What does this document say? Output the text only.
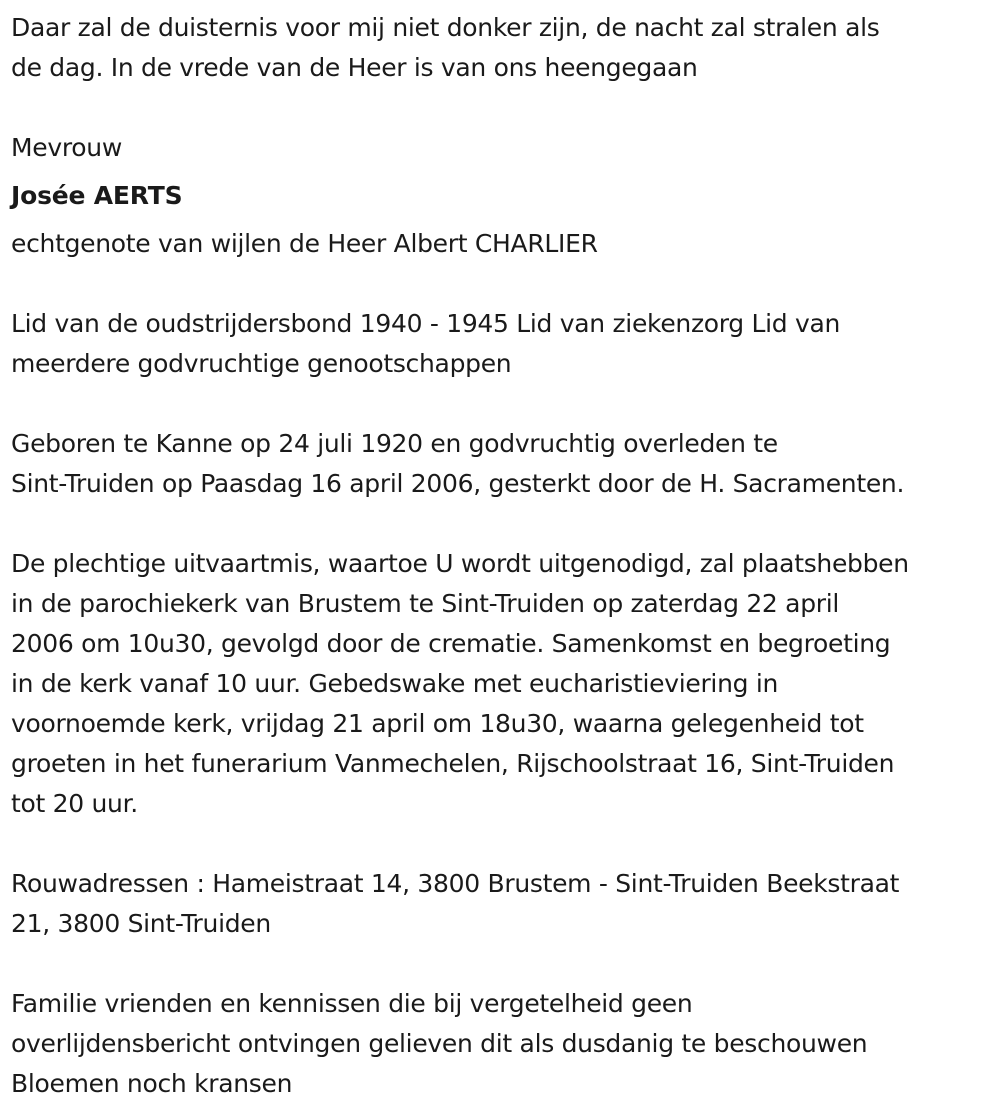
Daar zal de duisternis voor mij niet donker zijn, de nacht zal stralen als
de dag. In de vrede van de Heer is van ons heengegaan

Mevrouw

Josée AERTS

echtgenote van wijlen de Heer Albert CHARLIER

Lid van de oudstrijdersbond 1940 - 1945 Lid van ziekenzorg Lid van
meerdere godvruchtige genootschappen

Geboren te Kanne op 24 juli 1920 en godvruchtig overleden te
Sint-Truiden op Paasdag 16 april 2006, gesterkt door de H. Sacramenten.

De plechtige uitvaartmis, waartoe U wordt uitgenodigd, zal plaatshebben
in de parochiekerk van Brustem te Sint-Truiden op zaterdag 22 april
2006 om 10u30, gevolgd door de crematie. Samenkomst en begroeting
in de kerk vanaf 10 uur. Gebedswake met eucharistieviering in
voornoemde kerk, vrijdag 21 april om 18u30, waarna gelegenheid tot
groeten in het funerarium Vanmechelen, Rijschoolstraat 16, Sint-Truiden
tot 20 uur.

Rouwadressen : Hameistraat 14, 3800 Brustem - Sint-Truiden Beekstraat
21, 3800 Sint-Truiden

Familie vrienden en kennissen die bij vergetelheid geen
overlijdensbericht ontvingen gelieven dit als dusdanig te beschouwen
Bloemen noch kransen
